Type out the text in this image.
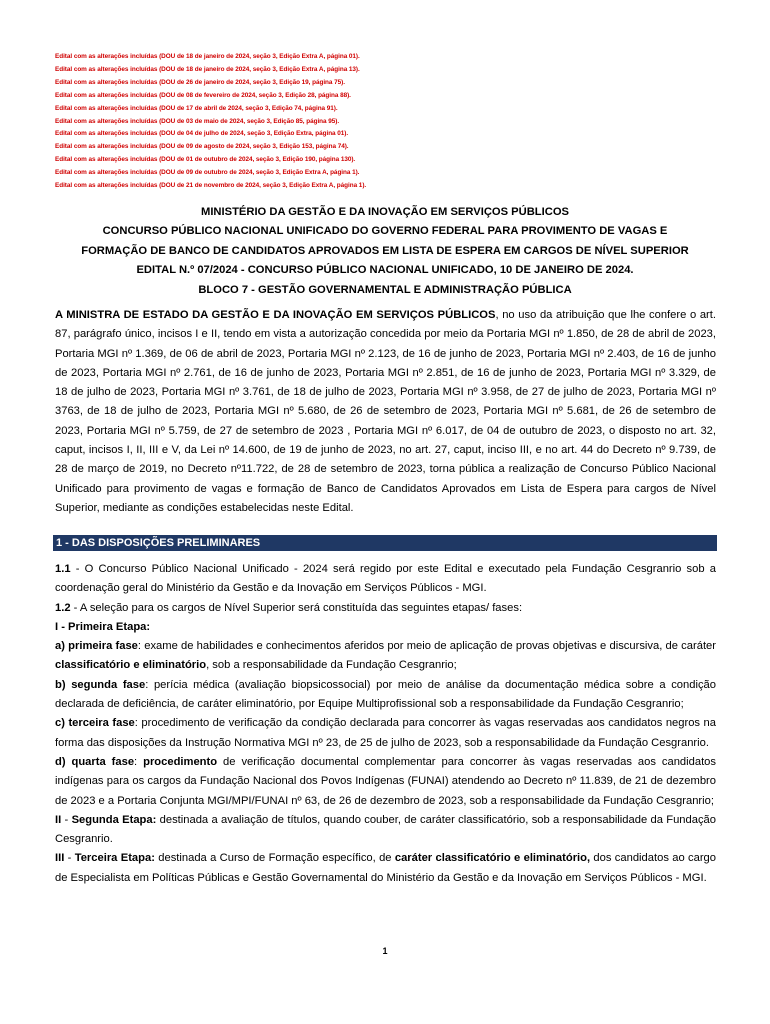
Edital com as alterações incluídas (DOU de 18 de janeiro de 2024, seção 3, Edição Extra A, página 01).
Edital com as alterações incluídas (DOU de 18 de janeiro de 2024, seção 3, Edição Extra A, página 13).
Edital com as alterações incluídas (DOU de 26 de janeiro de 2024, seção 3, Edição 19, página 75).
Edital com as alterações incluídas (DOU de 08 de fevereiro de 2024, seção 3, Edição 28, página 88).
Edital com as alterações incluídas (DOU de 17 de abril de 2024, seção 3, Edição 74, página 91).
Edital com as alterações incluídas (DOU de 03 de maio de 2024, seção 3, Edição 85, página 95).
Edital com as alterações incluídas (DOU de 04 de julho de 2024, seção 3, Edição Extra, página 01).
Edital com as alterações incluídas (DOU de 09 de agosto de 2024, seção 3, Edição 153, página 74).
Edital com as alterações incluídas (DOU de 01 de outubro de 2024, seção 3, Edição 190, página 130).
Edital com as alterações incluídas (DOU de 09 de outubro de 2024, seção 3, Edição Extra A, página 1).
Edital com as alterações incluídas (DOU de 21 de novembro de 2024, seção 3, Edição Extra A, página 1).
MINISTÉRIO DA GESTÃO E DA INOVAÇÃO EM SERVIÇOS PÚBLICOS
CONCURSO PÚBLICO NACIONAL UNIFICADO DO GOVERNO FEDERAL PARA PROVIMENTO DE VAGAS E
FORMAÇÃO DE BANCO DE CANDIDATOS APROVADOS EM LISTA DE ESPERA EM CARGOS DE NÍVEL SUPERIOR
EDITAL N.º 07/2024 - CONCURSO PÚBLICO NACIONAL UNIFICADO, 10 DE JANEIRO DE 2024.
BLOCO 7 - GESTÃO GOVERNAMENTAL E ADMINISTRAÇÃO PÚBLICA
A MINISTRA DE ESTADO DA GESTÃO E DA INOVAÇÃO EM SERVIÇOS PÚBLICOS, no uso da atribuição que lhe confere o art. 87, parágrafo único, incisos I e II, tendo em vista a autorização concedida por meio da Portaria MGI nº 1.850, de 28 de abril de 2023, Portaria MGI nº 1.369, de 06 de abril de 2023, Portaria MGI nº 2.123, de 16 de junho de 2023, Portaria MGI nº 2.403, de 16 de junho de 2023, Portaria MGI nº 2.761, de 16 de junho de 2023, Portaria MGI nº 2.851, de 16 de junho de 2023, Portaria MGI nº 3.329, de 18 de julho de 2023, Portaria MGI nº 3.761, de 18 de julho de 2023, Portaria MGI nº 3.958, de 27 de julho de 2023, Portaria MGI nº 3763, de 18 de julho de 2023, Portaria MGI nº 5.680, de 26 de setembro de 2023, Portaria MGI nº 5.681, de 26 de setembro de 2023, Portaria MGI nº 5.759, de 27 de setembro de 2023 , Portaria MGI nº 6.017, de 04 de outubro de 2023, o disposto no art. 32, caput, incisos I, II, III e V, da Lei nº 14.600, de 19 de junho de 2023, no art. 27, caput, inciso III, e no art. 44 do Decreto nº 9.739, de 28 de março de 2019, no Decreto nº11.722, de 28 de setembro de 2023, torna pública a realização de Concurso Público Nacional Unificado para provimento de vagas e formação de Banco de Candidatos Aprovados em Lista de Espera para cargos de Nível Superior, mediante as condições estabelecidas neste Edital.
1 - DAS DISPOSIÇÕES PRELIMINARES

1.1 - O Concurso Público Nacional Unificado - 2024 será regido por este Edital e executado pela Fundação Cesgranrio sob a coordenação geral do Ministério da Gestão e da Inovação em Serviços Públicos - MGI.

1.2 - A seleção para os cargos de Nível Superior será constituída das seguintes etapas/ fases:

I - Primeira Etapa:

a) primeira fase: exame de habilidades e conhecimentos aferidos por meio de aplicação de provas objetivas e discursiva, de caráter classificatório e eliminatório, sob a responsabilidade da Fundação Cesgranrio;

b) segunda fase: perícia médica (avaliação biopsicossocial) por meio de análise da documentação médica sobre a condição declarada de deficiência, de caráter eliminatório, por Equipe Multiprofissional sob a responsabilidade da Fundação Cesgranrio;

c) terceira fase: procedimento de verificação da condição declarada para concorrer às vagas reservadas aos candidatos negros na forma das disposições da Instrução Normativa MGI nº 23, de 25 de julho de 2023, sob a responsabilidade da Fundação Cesgranrio.

d) quarta fase: procedimento de verificação documental complementar para concorrer às vagas reservadas aos candidatos indígenas para os cargos da Fundação Nacional dos Povos Indígenas (FUNAI) atendendo ao Decreto nº 11.839, de 21 de dezembro de 2023 e a Portaria Conjunta MGI/MPI/FUNAI nº 63, de 26 de dezembro de 2023, sob a responsabilidade da Fundação Cesgranrio;

II - Segunda Etapa: destinada a avaliação de títulos, quando couber, de caráter classificatório, sob a responsabilidade da Fundação Cesgranrio.

III - Terceira Etapa: destinada a Curso de Formação específico, de caráter classificatório e eliminatório, dos candidatos ao cargo de Especialista em Políticas Públicas e Gestão Governamental do Ministério da Gestão e da Inovação em Serviços Públicos - MGI.

1
